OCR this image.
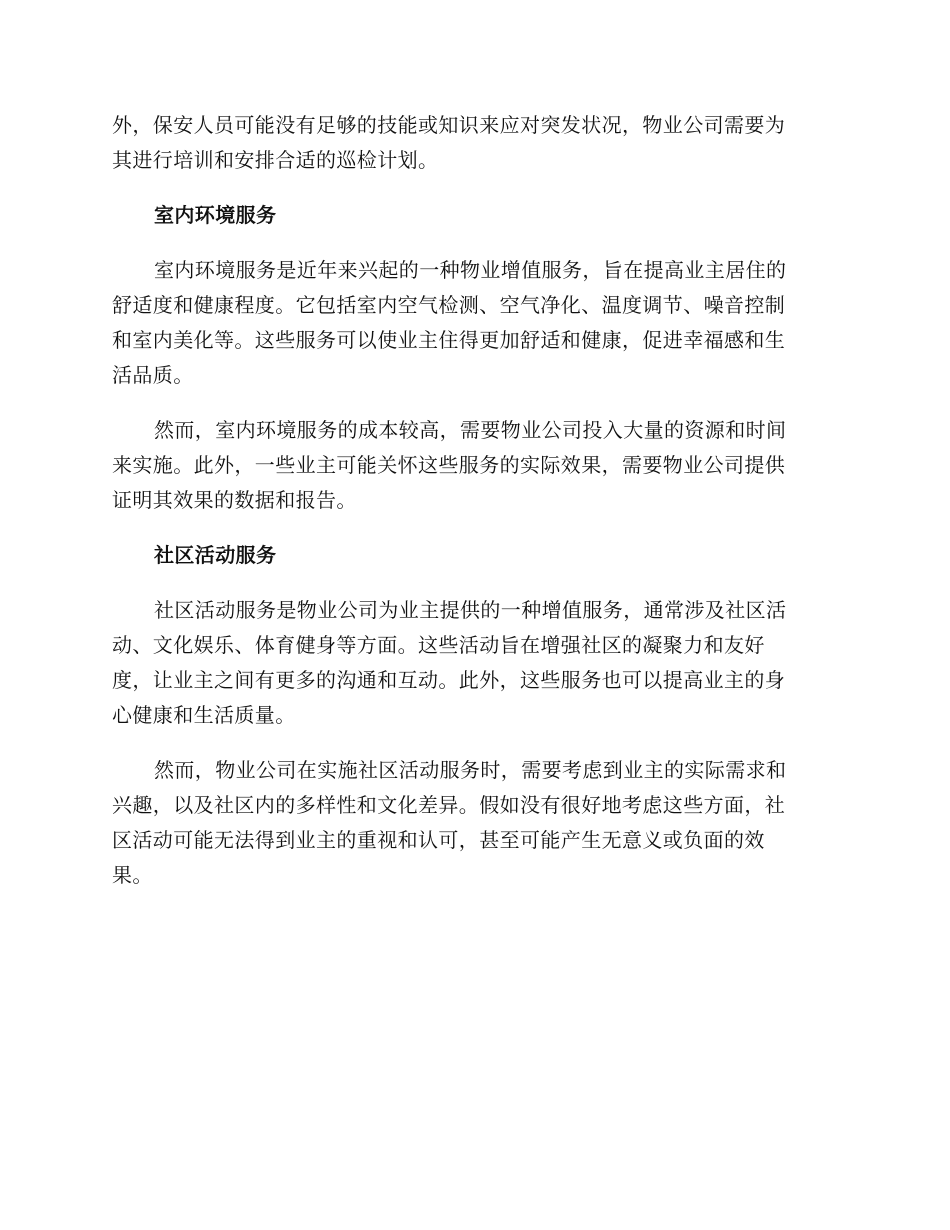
外，保安人员可能没有足够的技能或知识来应对突发状况，物业公司需要为

其进行培训和安排合适的巡检计划。

室内环境服务

室内环境服务是近年来兴起的一种物业增值服务，旨在提高业主居住的

舒适度和健康程度。它包括室内空气检测、空气净化、温度调节、噪音控制

和室内美化等。这些服务可以使业主住得更加舒适和健康，促进幸福感和生

活品质。

然而，室内环境服务的成本较高，需要物业公司投入大量的资源和时间

来实施。此外，一些业主可能关怀这些服务的实际效果，需要物业公司提供

证明其效果的数据和报告。

社区活动服务

社区活动服务是物业公司为业主提供的一种增值服务，通常涉及社区活

动、文化娱乐、体育健身等方面。这些活动旨在增强社区的凝聚力和友好

度，让业主之间有更多的沟通和互动。此外，这些服务也可以提高业主的身

心健康和生活质量。

然而，物业公司在实施社区活动服务时，需要考虑到业主的实际需求和

兴趣，以及社区内的多样性和文化差异。假如没有很好地考虑这些方面，社

区活动可能无法得到业主的重视和认可，甚至可能产生无意义或负面的效

果。
